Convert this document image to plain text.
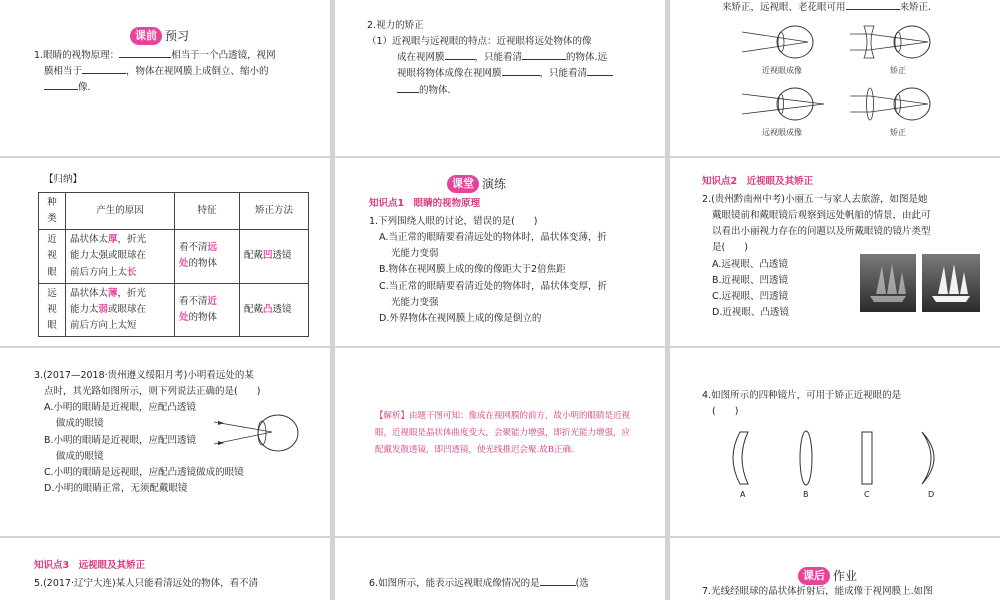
课前 预习
1.眼睛的视物原理：	相当于一个凸透镜，视网
膜相当于	，物体在视网膜上成倒立、缩小的
像.
2.视力的矫正
（1）近视眼与远视眼的特点：近视眼将远处物体的像
成在视网膜	，只能看清	的物体.远
视眼将物体成像在视网膜	，只能看清
的物体.
来矫正，远视眼、老花眼可用	来矫正.
近视眼成像	矫正
远视眼成像	矫正
【归纳】
种类	产生的原因	特征	矫正方法
近
视
眼	晶状体太厚，折光
能力太强或眼球在
前后方向上太长	看不清远
处的物体	配戴凹透镜
远
视
眼	晶状体太薄，折光
能力太弱或眼球在
前后方向上太短	看不清近
处的物体	配戴凸透镜
课堂 演练
知识点1　眼睛的视物原理
1.下列围绕人眼的讨论，错误的是(　　)
A.当正常的眼睛要看清远处的物体时，晶状体变薄，折
光能力变弱
B.物体在视网膜上成的像的像距大于2倍焦距
C.当正常的眼睛要看清近处的物体时，晶状体变厚，折
光能力变强
D.外界物体在视网膜上成的像是倒立的
知识点2　近视眼及其矫正
2.(贵州黔南州中考)小丽五一与家人去旅游，如图是她
戴眼镜前和戴眼镜后观察到远处帆船的情景，由此可
以看出小丽视力存在的问题以及所戴眼镜的镜片类型
是(　　)
A.远视眼、凸透镜
B.近视眼、凹透镜
C.远视眼、凹透镜
D.近视眼、凸透镜
3.(2017—2018·贵州遵义绥阳月考)小明看远处的某
点时，其光路如图所示，则下列说法正确的是(　　)
A.小明的眼睛是近视眼，应配凸透镜
做成的眼镜
B.小明的眼睛是近视眼，应配凹透镜
做成的眼镜
C.小明的眼睛是远视眼，应配凸透镜做成的眼镜
D.小明的眼睛正常，无须配戴眼镜
【解析】由题干图可知：像成在视网膜的前方，故小明的眼睛是近视眼，近视眼是晶状体曲度变大，会聚能力增强，即折光能力增强，应配戴发散透镜，即凹透镜，使光线推迟会聚.故B正确.
4.如图所示的四种镜片，可用于矫正近视眼的是
(　　)
A	B	C	D
知识点3　远视眼及其矫正
5.(2017·辽宁大连)某人只能看清远处的物体，看不清	6.如图所示，能表示远视眼成像情况的是	(选
课后 作业
7.光线经眼球的晶状体折射后，能成像于视网膜上.如图
